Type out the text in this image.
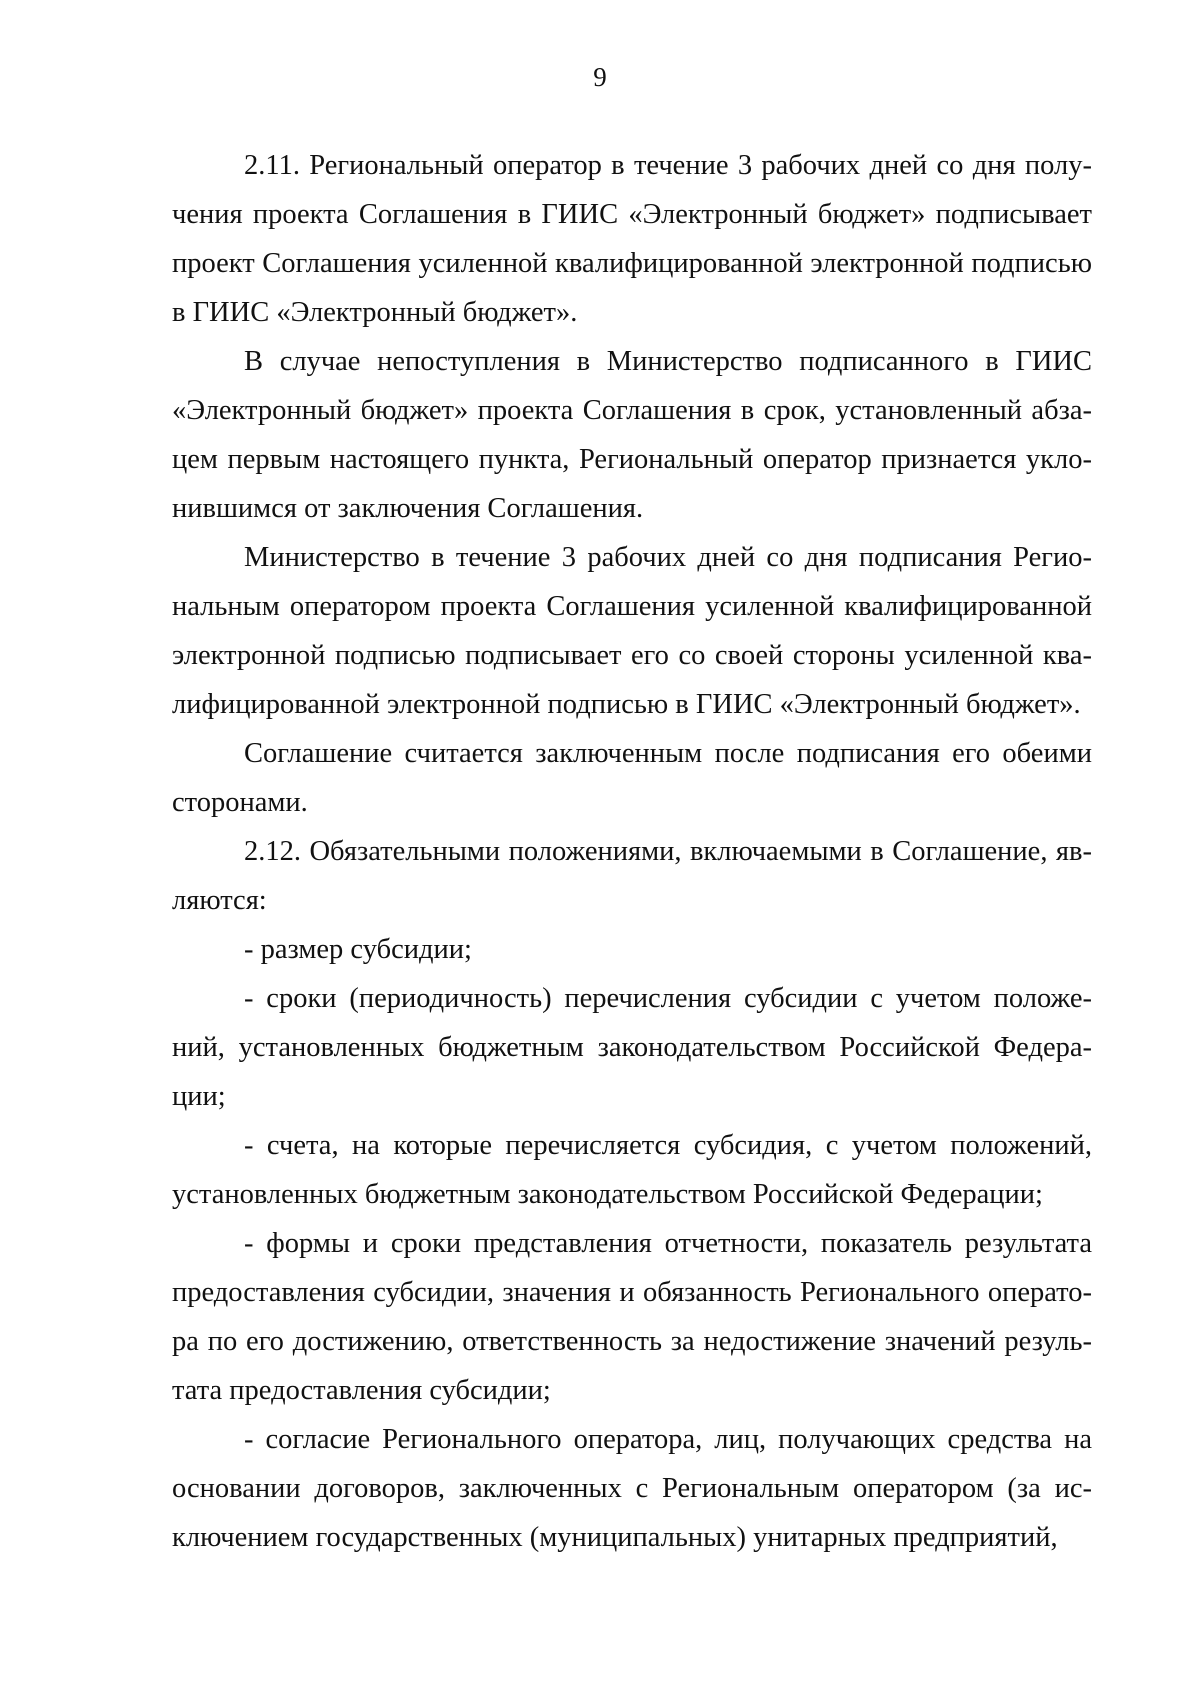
9

2.11. Региональный оператор в течение 3 рабочих дней со дня получения проекта Соглашения в ГИИС «Электронный бюджет» подписывает проект Соглашения усиленной квалифицированной электронной подписью в ГИИС «Электронный бюджет».

В случае непоступления в Министерство подписанного в ГИИС «Электронный бюджет» проекта Соглашения в срок, установленный абзацем первым настоящего пункта, Региональный оператор признается уклонившимся от заключения Соглашения.

Министерство в течение 3 рабочих дней со дня подписания Региональным оператором проекта Соглашения усиленной квалифицированной электронной подписью подписывает его со своей стороны усиленной квалифицированной электронной подписью в ГИИС «Электронный бюджет».

Соглашение считается заключенным после подписания его обеими сторонами.

2.12. Обязательными положениями, включаемыми в Соглашение, являются:

- размер субсидии;

- сроки (периодичность) перечисления субсидии с учетом положений, установленных бюджетным законодательством Российской Федерации;

- счета, на которые перечисляется субсидия, с учетом положений, установленных бюджетным законодательством Российской Федерации;

- формы и сроки представления отчетности, показатель результата предоставления субсидии, значения и обязанность Регионального оператора по его достижению, ответственность за недостижение значений результата предоставления субсидии;

- согласие Регионального оператора, лиц, получающих средства на основании договоров, заключенных с Региональным оператором (за исключением государственных (муниципальных) унитарных предприятий,
